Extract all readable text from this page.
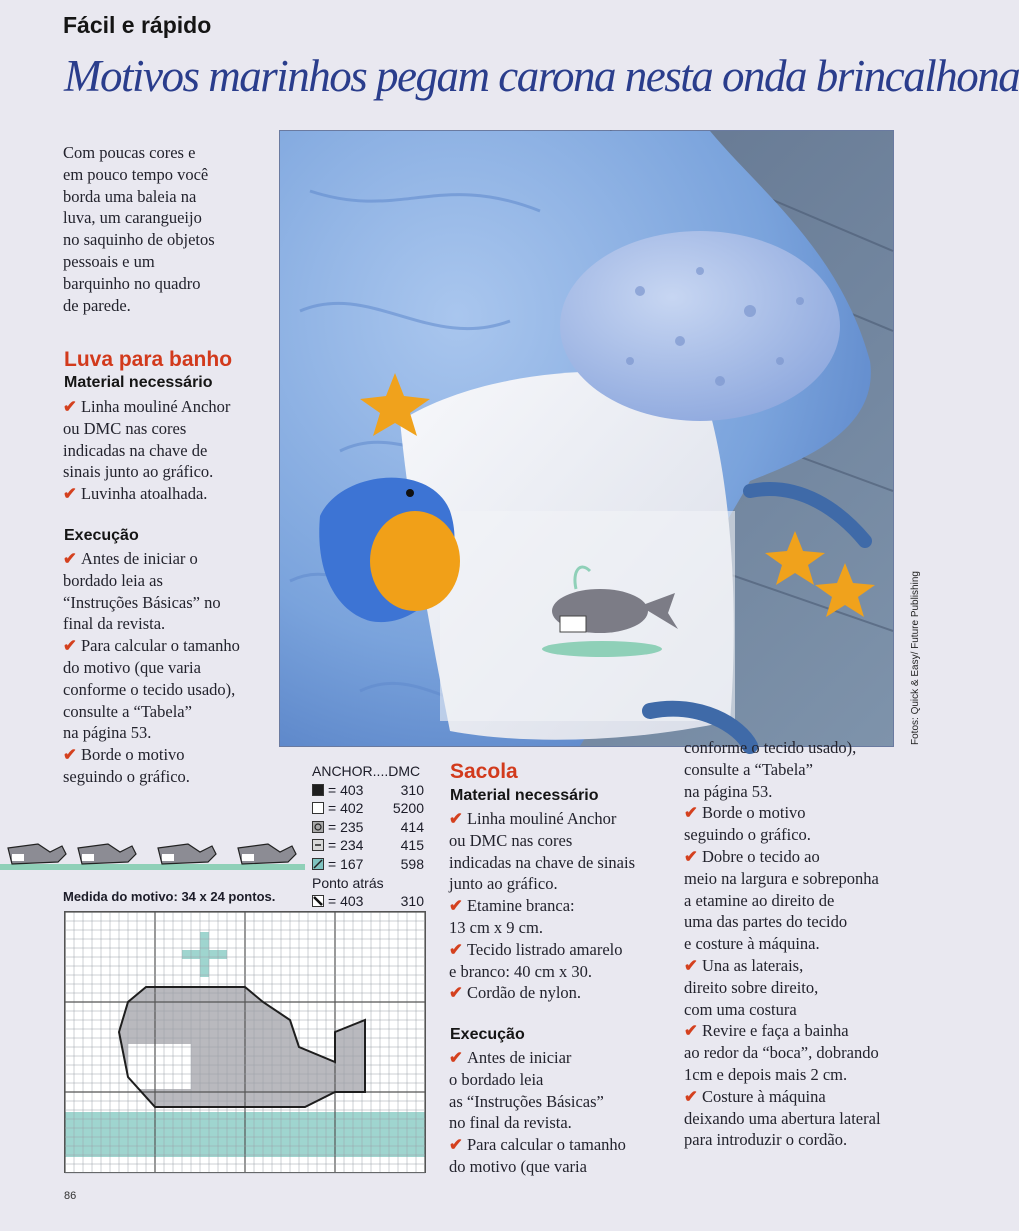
Fácil e rápido
Motivos marinhos pegam carona nesta onda brincalhona
Com poucas cores e
em pouco tempo você
borda uma baleia na
luva, um carangueijo
no saquinho de objetos
pessoais e um
barquinho no quadro
de parede.
Luva para banho
Material necessário
✔ Linha mouliné Anchor
ou DMC nas cores
indicadas na chave de
sinais junto ao gráfico.
✔ Luvinha atoalhada.
Execução
✔ Antes de iniciar o
bordado leia as
“Instruções Básicas” no
final da revista.
✔ Para calcular o tamanho
do motivo (que varia
conforme o tecido usado),
consulte a “Tabela”
na página 53.
✔ Borde o motivo
seguindo o gráfico.
Fotos: Quick & Easy/ Future Publishing
ANCHOR....DMC
= 403	310
= 402 5200
= 235	414
= 234	415
= 167	598
Ponto atrás
= 403	310
Medida do motivo: 34 x 24 pontos.
Sacola
Material necessário
✔ Linha mouliné Anchor
ou DMC nas cores
indicadas na chave de sinais
junto ao gráfico.
✔ Etamine branca:
13 cm x 9 cm.
✔ Tecido listrado amarelo
e branco: 40 cm x 30.
✔ Cordão de nylon.
Execução
✔ Antes de iniciar
o bordado leia
as “Instruções Básicas”
no final da revista.
✔ Para calcular o tamanho
do motivo (que varia
conforme o tecido usado),
consulte a “Tabela”
na página 53.
✔ Borde o motivo
seguindo o gráfico.
✔ Dobre o tecido ao
meio na largura e sobreponha
a etamine ao direito de
uma das partes do tecido
e costure à máquina.
✔ Una as laterais,
direito sobre direito,
com uma costura
✔ Revire e faça a bainha
ao redor da “boca”, dobrando
1cm e depois mais 2 cm.
✔ Costure à máquina
deixando uma abertura lateral
para introduzir o cordão.
86
